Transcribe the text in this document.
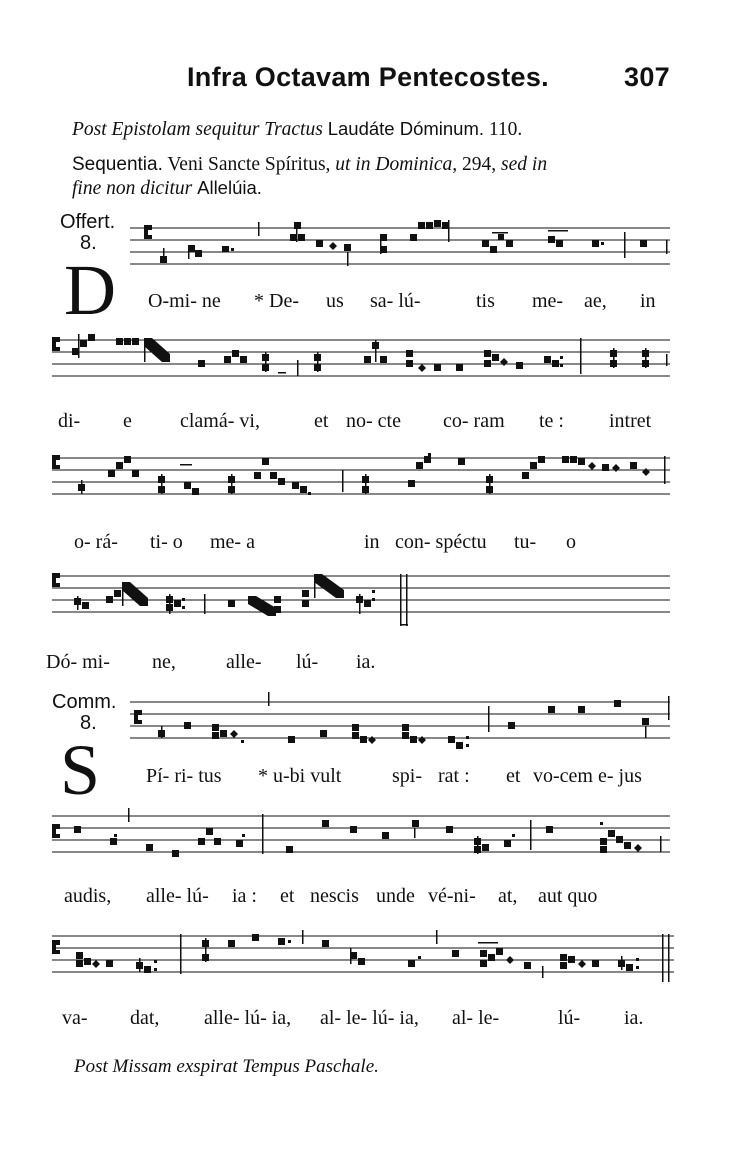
Infra Octavam Pentecostes.	307
Post Epistolam sequitur Tractus Laudáte Dóminum. 110.
Sequentia. Veni Sancte Spíritus, ut in Dominica, 294, sed in
fine non dicitur Allelúia.
Offert.
8.
D O-mi- ne * De- us sa- lú-	tis me- ae, in
di- e clamá- vi,	et no- cte co- ram te : intret
o- rá- ti- o me- a	in con- spéctu tu- o
Dó- mi- ne,	alle- lú- ia.
Comm.
8.
S Pí- ri- tus * u-bi vult	spi- rat : et vo-cem e- jus
audis, alle- lú- ia : et nescis unde vé-ni- at, aut quo
va- dat, alle- lú- ia, al- le- lú- ia, al- le-	lú- ia.
Post Missam exspirat Tempus Paschale.
